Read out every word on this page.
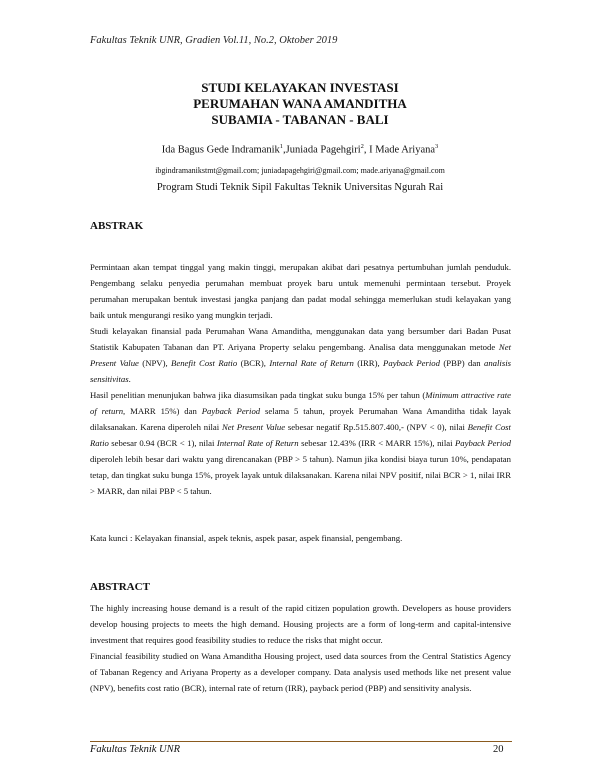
Fakultas Teknik UNR, Gradien Vol.11, No.2, Oktober 2019
STUDI KELAYAKAN INVESTASI
PERUMAHAN WANA AMANDITHA
SUBAMIA - TABANAN - BALI
Ida Bagus Gede Indramanik$^1$,Juniada Pagehgiri$^2$, I Made Ariyana$^3$
ibgindramanikstmt@gmail.com; juniadapagehgiri@gmail.com; made.ariyana@gmail.com
Program Studi Teknik Sipil Fakultas Teknik Universitas Ngurah Rai
ABSTRAK

Permintaan akan tempat tinggal yang makin tinggi, merupakan akibat dari pesatnya pertumbuhan jumlah penduduk. Pengembang selaku penyedia perumahan membuat proyek baru untuk memenuhi permintaan tersebut. Proyek perumahan merupakan bentuk investasi jangka panjang dan padat modal sehingga memerlukan studi kelayakan yang baik untuk mengurangi resiko yang mungkin terjadi.

Studi kelayakan finansial pada Perumahan Wana Amanditha, menggunakan data yang bersumber dari Badan Pusat Statistik Kabupaten Tabanan dan PT. Ariyana Property selaku pengembang. Analisa data menggunakan metode Net Present Value (NPV), Benefit Cost Ratio (BCR), Internal Rate of Return (IRR), Payback Period (PBP) dan analisis sensitivitas.

Hasil penelitian menunjukan bahwa jika diasumsikan pada tingkat suku bunga 15% per tahun (Minimum attractive rate of return, MARR 15%) dan Payback Period selama 5 tahun, proyek Perumahan Wana Amanditha tidak layak dilaksanakan. Karena diperoleh nilai Net Present Value sebesar negatif Rp.515.807.400,- (NPV < 0), nilai Benefit Cost Ratio sebesar 0.94 (BCR < 1), nilai Internal Rate of Return sebesar 12.43% (IRR < MARR 15%), nilai Payback Period diperoleh lebih besar dari waktu yang direncanakan (PBP > 5 tahun). Namun jika kondisi biaya turun 10%, pendapatan tetap, dan tingkat suku bunga 15%, proyek layak untuk dilaksanakan. Karena nilai NPV positif, nilai BCR > 1, nilai IRR > MARR, dan nilai PBP < 5 tahun.

Kata kunci : Kelayakan finansial, aspek teknis, aspek pasar, aspek finansial, pengembang.
ABSTRACT

The highly increasing house demand is a result of the rapid citizen population growth. Developers as house providers develop housing projects to meets the high demand. Housing projects are a form of long-term and capital-intensive investment that requires good feasibility studies to reduce the risks that might occur.

Financial feasibility studied on Wana Amanditha Housing project, used data sources from the Central Statistics Agency of Tabanan Regency and Ariyana Property as a developer company. Data analysis used methods like net present value (NPV), benefits cost ratio (BCR), internal rate of return (IRR), payback period (PBP) and sensitivity analysis.

Fakultas Teknik UNR	20
